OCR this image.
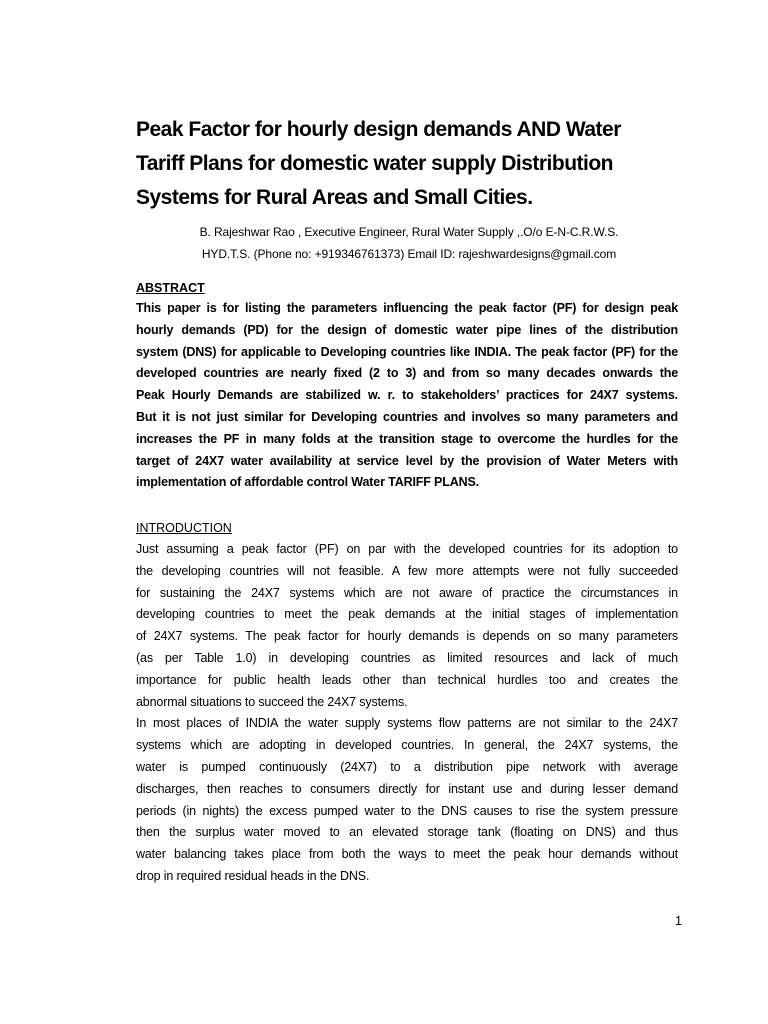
Peak Factor for hourly design demands AND Water
Tariff Plans for domestic water supply Distribution
Systems for Rural Areas and Small Cities.
B. Rajeshwar Rao , Executive Engineer, Rural Water Supply ,.O/o E-N-C.R.W.S.
HYD.T.S. (Phone no: +919346761373) Email ID: rajeshwardesigns@gmail.com
ABSTRACT
This paper is for listing the parameters influencing the peak factor (PF) for design peak
hourly demands (PD) for the design of domestic water pipe lines of the distribution
system (DNS) for applicable to Developing countries like INDIA. The peak factor (PF) for the
developed countries are nearly fixed (2 to 3) and from so many decades onwards the
Peak Hourly Demands are stabilized w. r. to stakeholders’ practices for 24X7 systems.
But it is not just similar for Developing countries and involves so many parameters and
increases the PF in many folds at the transition stage to overcome the hurdles for the
target of 24X7 water availability at service level by the provision of Water Meters with
implementation of affordable control Water TARIFF PLANS.
INTRODUCTION
Just assuming a peak factor (PF) on par with the developed countries for its adoption to
the developing countries will not feasible. A few more attempts were not fully succeeded
for sustaining the 24X7 systems which are not aware of practice the circumstances in
developing countries to meet the peak demands at the initial stages of implementation
of 24X7 systems. The peak factor for hourly demands is depends on so many parameters
(as per Table 1.0) in developing countries as limited resources and lack of much
importance for public health leads other than technical hurdles too and creates the
abnormal situations to succeed the 24X7 systems.
In most places of INDIA the water supply systems flow patterns are not similar to the 24X7
systems which are adopting in developed countries. In general, the 24X7 systems, the
water is pumped continuously (24X7) to a distribution pipe network with average
discharges, then reaches to consumers directly for instant use and during lesser demand
periods (in nights) the excess pumped water to the DNS causes to rise the system pressure
then the surplus water moved to an elevated storage tank (floating on DNS) and thus
water balancing takes place from both the ways to meet the peak hour demands without
drop in required residual heads in the DNS.
1
